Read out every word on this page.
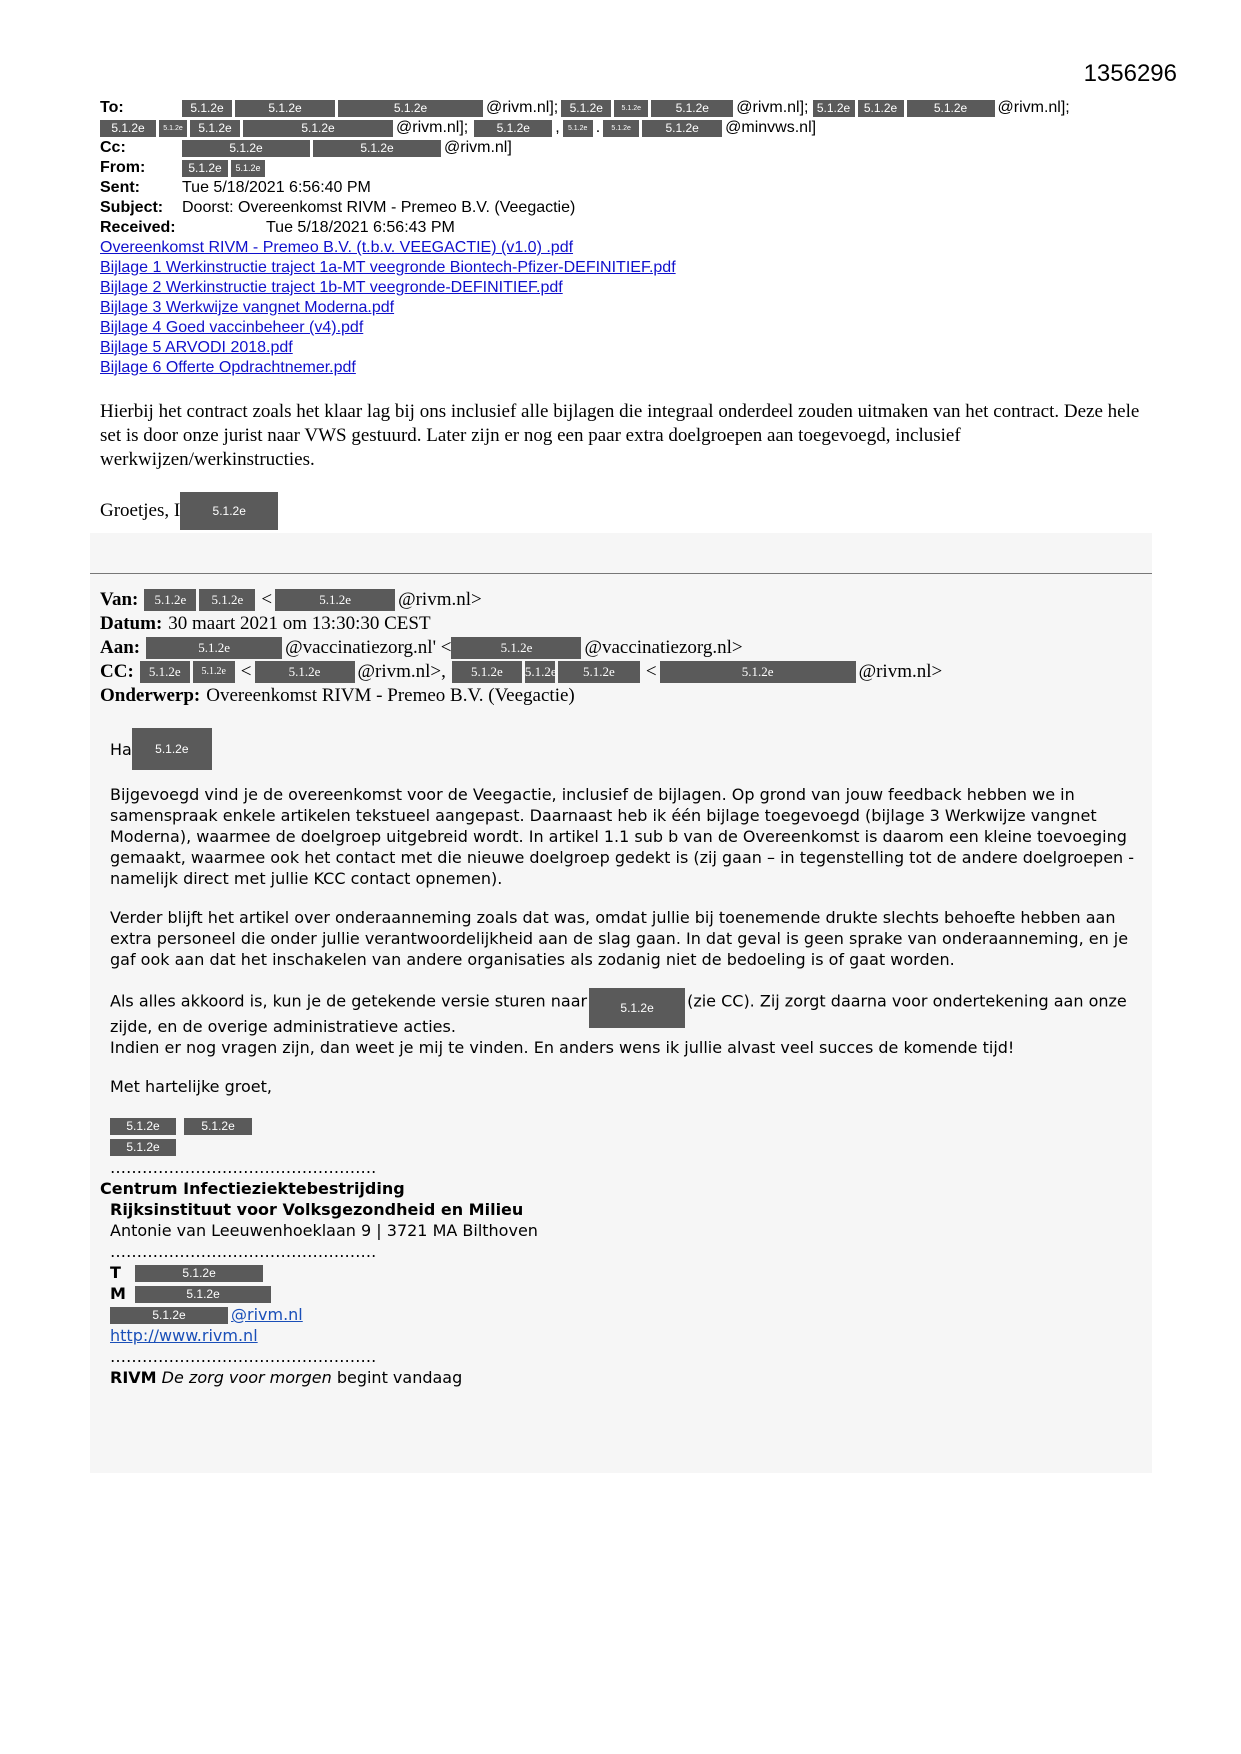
1356296
To:	5.1.2e	5.1.2e	5.1.2e	@rivm.nl]; 5.1.2e	5.1.2e	5.1.2e	@rivm.nl]; 5.1.2e	5.1.2e	5.1.2e	@rivm.nl];
5.1.2e	5.1.2e	5.1.2e	5.1.2e	@rivm.nl];	5.1.2e	,	5.1.2e .	5.1.2e	5.1.2e	@minvws.nl]
Cc:	5.1.2e	5.1.2e	@rivm.nl]
From:	5.1.2e	5.1.2e
Sent:	Tue 5/18/2021 6:56:40 PM
Subject:	Doorst: Overeenkomst RIVM - Premeo B.V. (Veegactie)
Received:	Tue 5/18/2021 6:56:43 PM
Overeenkomst RIVM - Premeo B.V. (t.b.v. VEEGACTIE) (v1.0) .pdf
Bijlage 1 Werkinstructie traject 1a-MT veegronde Biontech-Pfizer-DEFINITIEF.pdf
Bijlage 2 Werkinstructie traject 1b-MT veegronde-DEFINITIEF.pdf
Bijlage 3 Werkwijze vangnet Moderna.pdf
Bijlage 4 Goed vaccinbeheer (v4).pdf
Bijlage 5 ARVODI 2018.pdf
Bijlage 6 Offerte Opdrachtnemer.pdf
Hierbij het contract zoals het klaar lag bij ons inclusief alle bijlagen die integraal onderdeel zouden uitmaken van het contract. Deze hele set is door onze jurist naar VWS gestuurd. Later zijn er nog een paar extra doelgroepen aan toegevoegd, inclusief werkwijzen/werkinstructies.
Groetjes, I	5.1.2e
Van:	5.1.2e	5.1.2e <	5.1.2e	@rivm.nl>
Datum: 30 maart 2021 om 13:30:30 CEST
Aan:	5.1.2e	@vaccinatiezorg.nl' <	5.1.2e	@vaccinatiezorg.nl>
CC:	5.1.2e	5.1.2e <	5.1.2e	@rivm.nl>,	5.1.2e	5.1.2e	5.1.2e	<	5.1.2e	@rivm.nl>
Onderwerp: Overeenkomst RIVM - Premeo B.V. (Veegactie)

Ha	5.1.2e

Bijgevoegd vind je de overeenkomst voor de Veegactie, inclusief de bijlagen. Op grond van jouw feedback hebben we in samenspraak enkele artikelen tekstueel aangepast. Daarnaast heb ik één bijlage toegevoegd (bijlage 3 Werkwijze vangnet Moderna), waarmee de doelgroep uitgebreid wordt. In artikel 1.1 sub b van de Overeenkomst is daarom een kleine toevoeging gemaakt, waarmee ook het contact met die nieuwe doelgroep gedekt is (zij gaan – in tegenstelling tot de andere doelgroepen - namelijk direct met jullie KCC contact opnemen).

Verder blijft het artikel over onderaanneming zoals dat was, omdat jullie bij toenemende drukte slechts behoefte hebben aan extra personeel die onder jullie verantwoordelijkheid aan de slag gaan. In dat geval is geen sprake van onderaanneming, en je gaf ook aan dat het inschakelen van andere organisaties als zodanig niet de bedoeling is of gaat worden.

Als alles akkoord is, kun je de getekende versie sturen naar	5.1.2e (zie CC). Zij zorgt daarna voor ondertekening aan onze zijde, en de overige administratieve acties.

Indien er nog vragen zijn, dan weet je mij te vinden. En anders wens ik jullie alvast veel succes de komende tijd!

Met hartelijke groet,

5.1.2e	5.1.2e
5.1.2e
………………….……………………….
Centrum Infectieziektebestrijding
Rijksinstituut voor Volksgezondheid en Milieu
Antonie van Leeuwenhoeklaan 9 | 3721 MA Bilthoven
………………….……………………….
T	5.1.2e
M	5.1.2e
5.1.2e	@rivm.nl
http://www.rivm.nl
………………….……………………….
RIVM De zorg voor morgen begint vandaag
